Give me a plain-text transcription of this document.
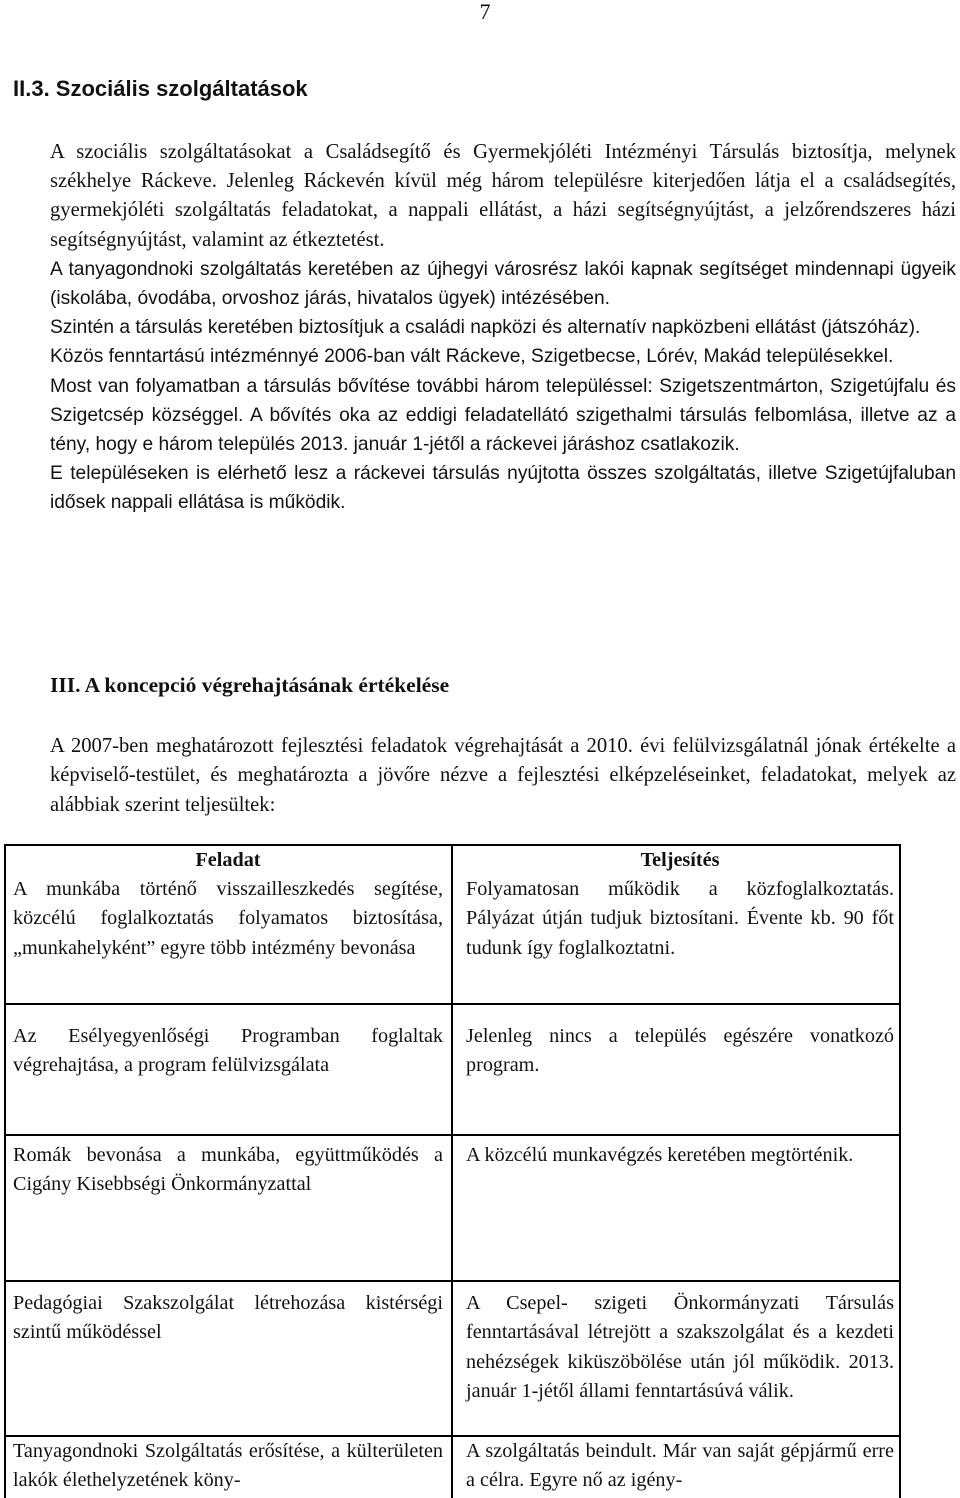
7
II.3. Szociális szolgáltatások

A szociális szolgáltatásokat a Családsegítő és Gyermekjóléti Intézményi Társulás biztosítja, melynek székhelye Ráckeve. Jelenleg Ráckevén kívül még három településre kiterjedően látja el a családsegítés, gyermekjóléti szolgáltatás feladatokat, a nappali ellátást, a házi segítségnyújtást, a jelzőrendszeres házi segítségnyújtást, valamint az étkeztetést.

A tanyagondnoki szolgáltatás keretében az újhegyi városrész lakói kapnak segítséget mindennapi ügyeik (iskolába, óvodába, orvoshoz járás, hivatalos ügyek) intézésében.

Szintén a társulás keretében biztosítjuk a családi napközi és alternatív napközbeni ellátást (játszóház).

Közös fenntartású intézménnyé 2006-ban vált Ráckeve, Szigetbecse, Lórév, Makád településekkel.

Most van folyamatban a társulás bővítése további három településsel: Szigetszentmárton, Szigetújfalu és Szigetcsép községgel. A bővítés oka az eddigi feladatellátó szigethalmi társulás felbomlása, illetve az a tény, hogy e három település 2013. január 1-jétől a ráckevei járáshoz csatlakozik.

E településeken is elérhető lesz a ráckevei társulás nyújtotta összes szolgáltatás, illetve Szigetújfaluban idősek nappali ellátása is működik.

III. A koncepció végrehajtásának értékelése

A 2007-ben meghatározott fejlesztési feladatok végrehajtását a 2010. évi felülvizsgálatnál jónak értékelte a képviselő-testület, és meghatározta a jövőre nézve a fejlesztési elképzeléseinket, feladatokat, melyek az alábbiak szerint teljesültek:

Feladat	Teljesítés
A munkába történő visszailleszkedés segítése, közcélú foglalkoztatás folyamatos biztosítása, „munkahelyként” egyre több intézmény bevonása
Folyamatosan működik a közfoglalkoztatás. Pályázat útján tudjuk biztosítani. Évente kb. 90 főt tudunk így foglalkoztatni.
Az Esélyegyenlőségi Programban foglaltak végrehajtása, a program felülvizsgálata
Jelenleg nincs a település egészére vonatkozó program.
Romák bevonása a munkába, együttműködés a Cigány Kisebbségi Önkormányzattal
A közcélú munkavégzés keretében megtörténik.
Pedagógiai Szakszolgálat létrehozása kistérségi szintű működéssel
A Csepel- szigeti Önkormányzati Társulás fenntartásával létrejött a szakszolgálat és a kezdeti nehézségek kiküszöbölése után jól működik. 2013. január 1-jétől állami fenntartásúvá válik.
Tanyagondnoki Szolgáltatás erősítése, a külterületen lakók élethelyzetének köny-
A szolgáltatás beindult. Már van saját gépjármű erre a célra. Egyre nő az igény-
